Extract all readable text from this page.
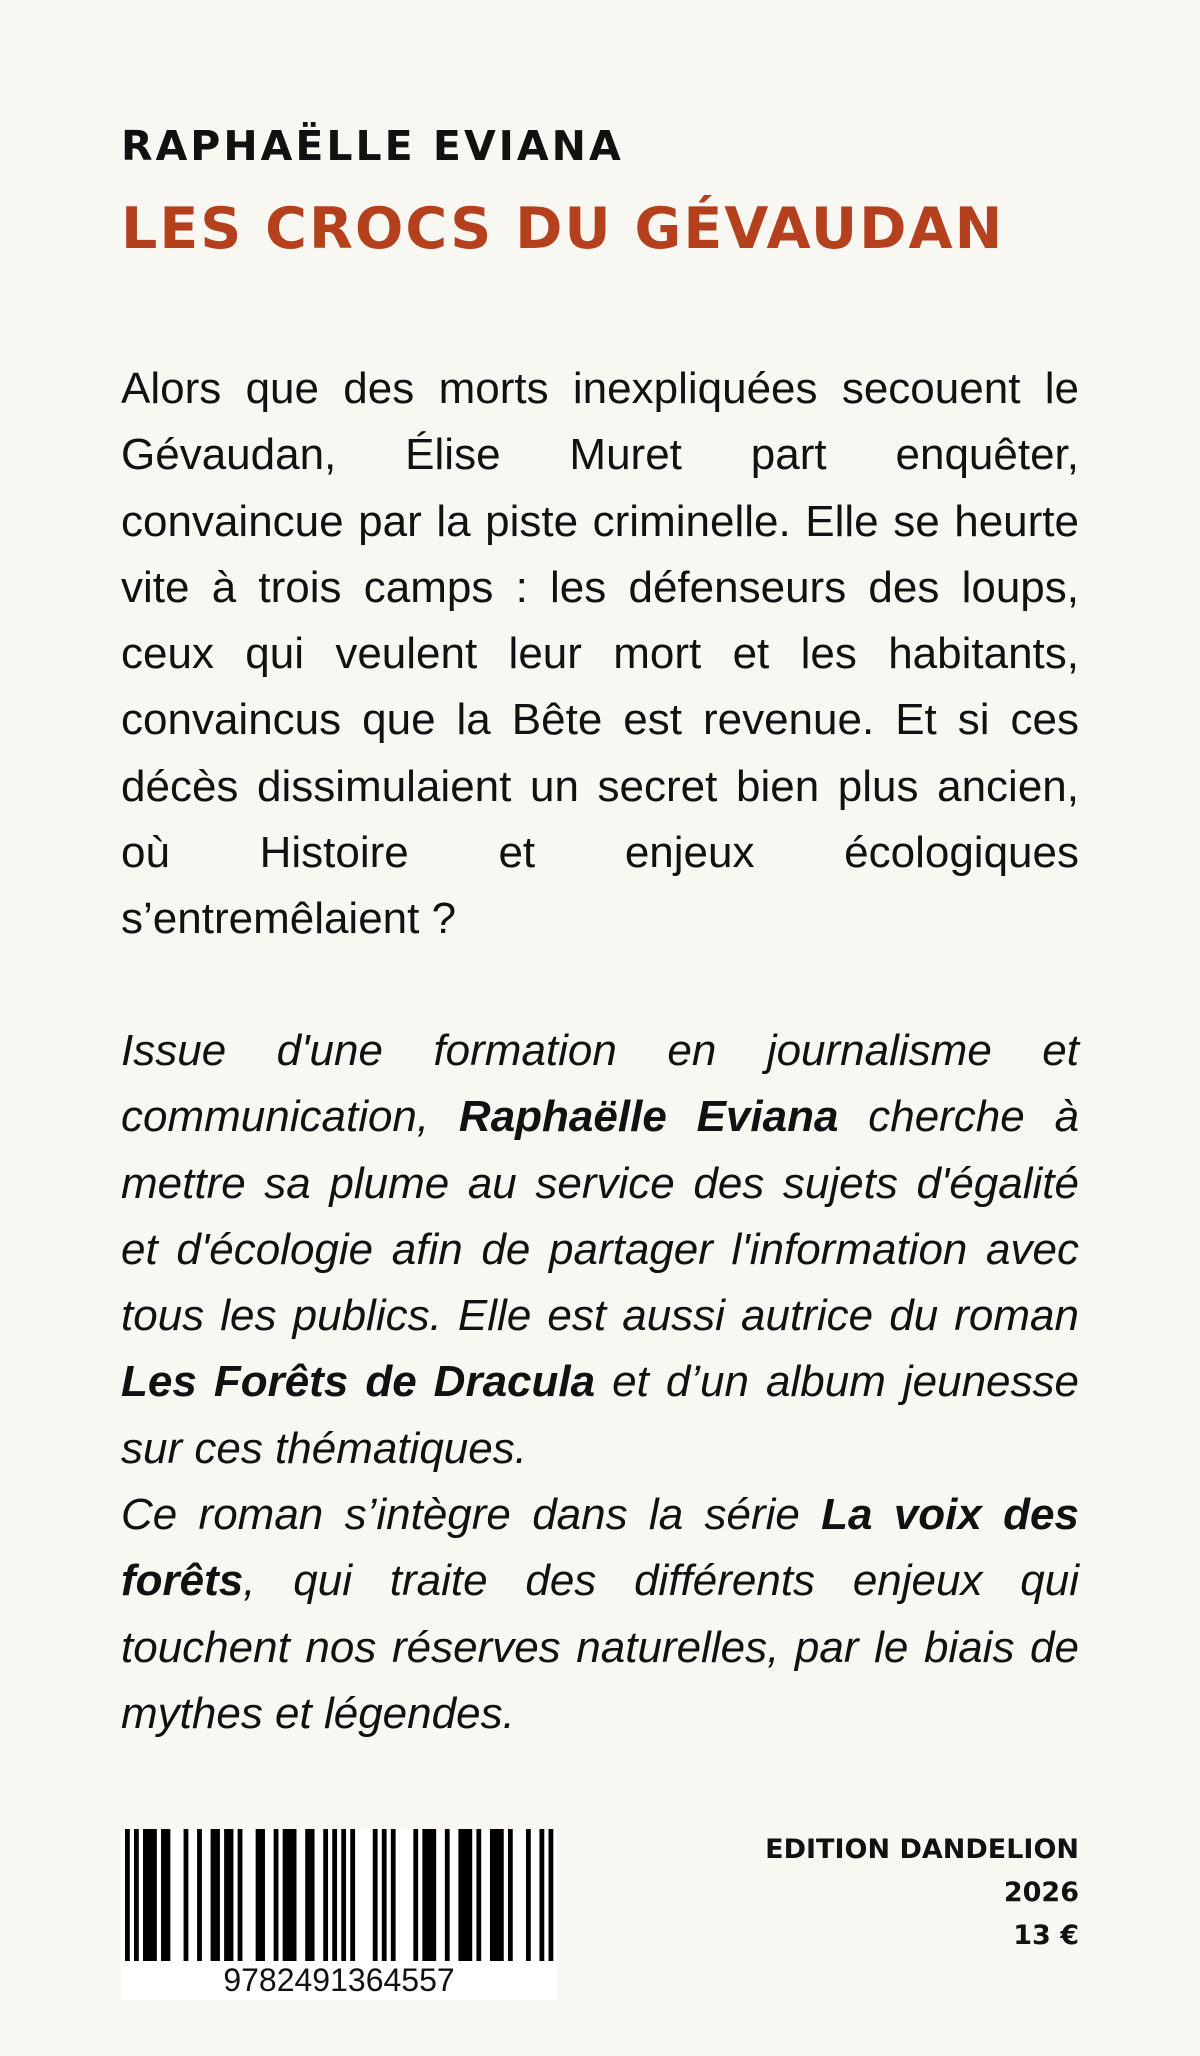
RAPHAËLLE EVIANA
LES CROCS DU GÉVAUDAN

Alors que des morts inexpliquées secouent le Gévaudan, Élise Muret part enquêter, convaincue par la piste criminelle. Elle se heurte vite à trois camps : les défenseurs des loups, ceux qui veulent leur mort et les habitants, convaincus que la Bête est revenue. Et si ces décès dissimulaient un secret bien plus ancien, où Histoire et enjeux écologiques s’entremêlaient ?

Issue d'une formation en journalisme et communication, Raphaëlle Eviana cherche à mettre sa plume au service des sujets d'égalité et d'écologie afin de partager l'information avec tous les publics. Elle est aussi autrice du roman Les Forêts de Dracula et d’un album jeunesse sur ces thématiques.
Ce roman s’intègre dans la série La voix des forêts, qui traite des différents enjeux qui touchent nos réserves naturelles, par le biais de mythes et légendes.

9782491364557
EDITION DANDELION
2026
13 €
